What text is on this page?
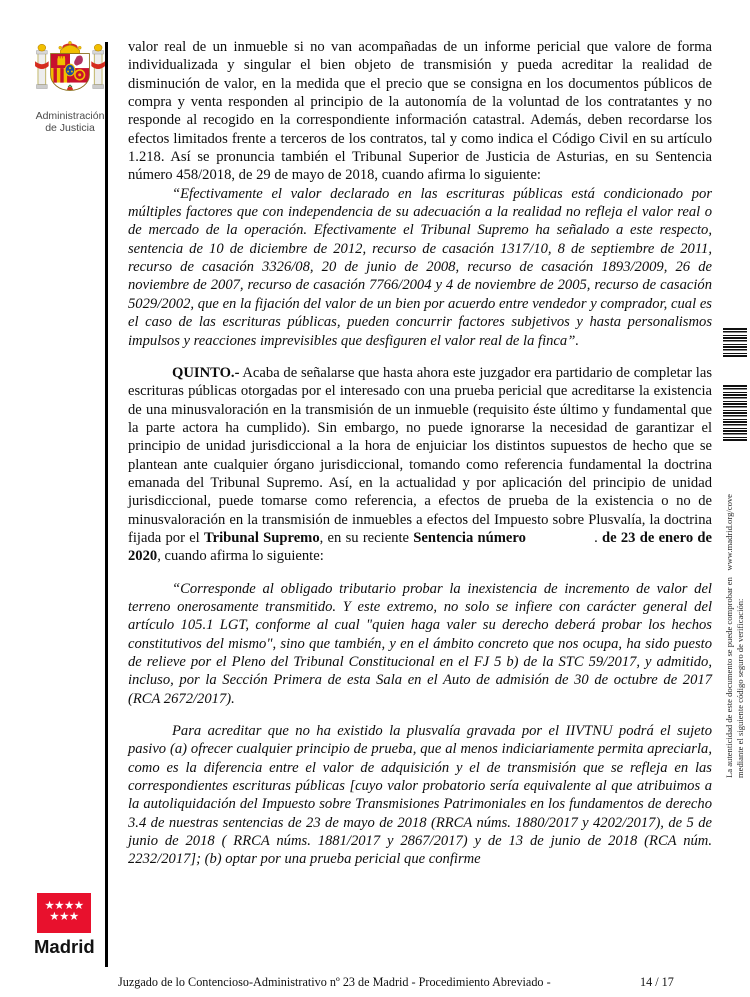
Administración
de Justicia

valor real de un inmueble si no van acompañadas de un informe pericial que valore de forma individualizada y singular el bien objeto de transmisión y pueda acreditar la realidad de disminución de valor, en la medida que el precio que se consigna en los documentos públicos de compra y venta responden al principio de la autonomía de la voluntad de los contratantes y no responde al recogido en la correspondiente información catastral. Además, deben recordarse los efectos limitados frente a terceros de los contratos, tal y como indica el Código Civil en su artículo 1.218. Así se pronuncia también el Tribunal Superior de Justicia de Asturias, en su Sentencia número 458/2018, de 29 de mayo de 2018, cuando afirma lo siguiente:

“Efectivamente el valor declarado en las escrituras públicas está condicionado por múltiples factores que con independencia de su adecuación a la realidad no refleja el valor real o de mercado de la operación. Efectivamente el Tribunal Supremo ha señalado a este respecto, sentencia de 10 de diciembre de 2012, recurso de casación 1317/10, 8 de septiembre de 2011, recurso de casación 3326/08, 20 de junio de 2008, recurso de casación 1893/2009, 26 de noviembre de 2007, recurso de casación 7766/2004 y 4 de noviembre de 2005, recurso de casación 5029/2002, que en la fijación del valor de un bien por acuerdo entre vendedor y comprador, cual es el caso de las escrituras públicas, pueden concurrir factores subjetivos y hasta personalismos impulsos y reacciones imprevisibles que desfiguren el valor real de la finca”.

QUINTO.- Acaba de señalarse que hasta ahora este juzgador era partidario de completar las escrituras públicas otorgadas por el interesado con una prueba pericial que acreditarse la existencia de una minusvaloración en la transmisión de un inmueble (requisito éste último y fundamental que la parte actora ha cumplido). Sin embargo, no puede ignorarse la necesidad de garantizar el principio de unidad jurisdiccional a la hora de enjuiciar los distintos supuestos de hecho que se plantean ante cualquier órgano jurisdiccional, tomando como referencia fundamental la doctrina emanada del Tribunal Supremo. Así, en la actualidad y por aplicación del principio de unidad jurisdiccional, puede tomarse como referencia, a efectos de prueba de la existencia o no de minusvaloración en la transmisión de inmuebles a efectos del Impuesto sobre Plusvalía, la doctrina fijada por el Tribunal Supremo, en su reciente Sentencia número                . de 23 de enero de 2020, cuando afirma lo siguiente:

“Corresponde al obligado tributario probar la inexistencia de incremento de valor del terreno onerosamente transmitido. Y este extremo, no solo se infiere con carácter general del artículo 105.1 LGT, conforme al cual "quien haga valer su derecho deberá probar los hechos constitutivos del mismo", sino que también, y en el ámbito concreto que nos ocupa, ha sido puesto de relieve por el Pleno del Tribunal Constitucional en el FJ 5 b) de la STC 59/2017, y admitido, incluso, por la Sección Primera de esta Sala en el Auto de admisión de 30 de octubre de 2017 (RCA 2672/2017).

Para acreditar que no ha existido la plusvalía gravada por el IIVTNU podrá el sujeto pasivo (a) ofrecer cualquier principio de prueba, que al menos indiciariamente permita apreciarla, como es la diferencia entre el valor de adquisición y el de transmisión que se refleja en las correspondientes escrituras públicas [cuyo valor probatorio sería equivalente al que atribuimos a la autoliquidación del Impuesto sobre Transmisiones Patrimoniales en los fundamentos de derecho 3.4 de nuestras sentencias de 23 de mayo de 2018 (RRCA núms. 1880/2017 y 4202/2017), de 5 de junio de 2018 ( RRCA núms. 1881/2017 y 2867/2017) y de 13 de junio de 2018 (RCA núm. 2232/2017]; (b) optar por una prueba pericial que confirme

La autenticidad de este documento se puede comprobar en   www.madrid.org/cove mediante el siguiente código seguro de verificación:
★★★★
★★★
Madrid
Juzgado de lo Contencioso-Administrativo nº 23 de Madrid - Procedimiento Abreviado -	14 / 17
